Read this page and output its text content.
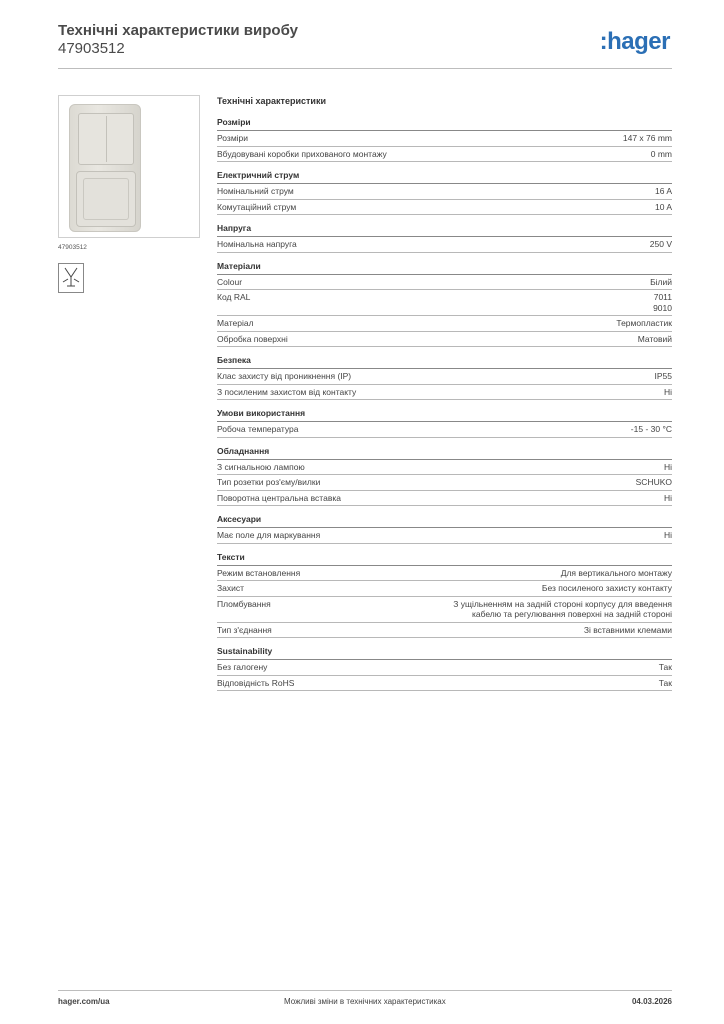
Технічні характеристики виробу
47903512	:hager
47903512
Технічні характеристики
Розміри
Розміри	147 x 76 mm
Вбудовувані коробки прихованого монтажу	0 mm
Електричний струм
Номінальний струм	16 A
Комутаційний струм	10 A
Напруга
Номінальна напруга	250 V
Матеріали
Colour	Білий
Код RAL	7011
9010
Матеріал	Термопластик
Обробка поверхні	Матовий
Безпека
Клас захисту від проникнення (IP)	IP55
З посиленим захистом від контакту	Ні
Умови використання
Робоча температура	-15 - 30 °C
Обладнання
З сигнальною лампою	Ні
Тип розетки роз'єму/вилки	SCHUKO
Поворотна центральна вставка	Ні
Аксесуари
Має поле для маркування	Ні
Тексти
Режим встановлення	Для вертикального монтажу
Захист	Без посиленого захисту контакту
Пломбування	З ущільненням на задній стороні корпусу для введення
кабелю та регулювання поверхні на задній стороні
Тип з'єднання	Зі вставними клемами
Sustainability
Без галогену	Так
Відповідність RoHS	Так
hager.com/ua	Можливі зміни в технічних характеристиках	04.03.2026
